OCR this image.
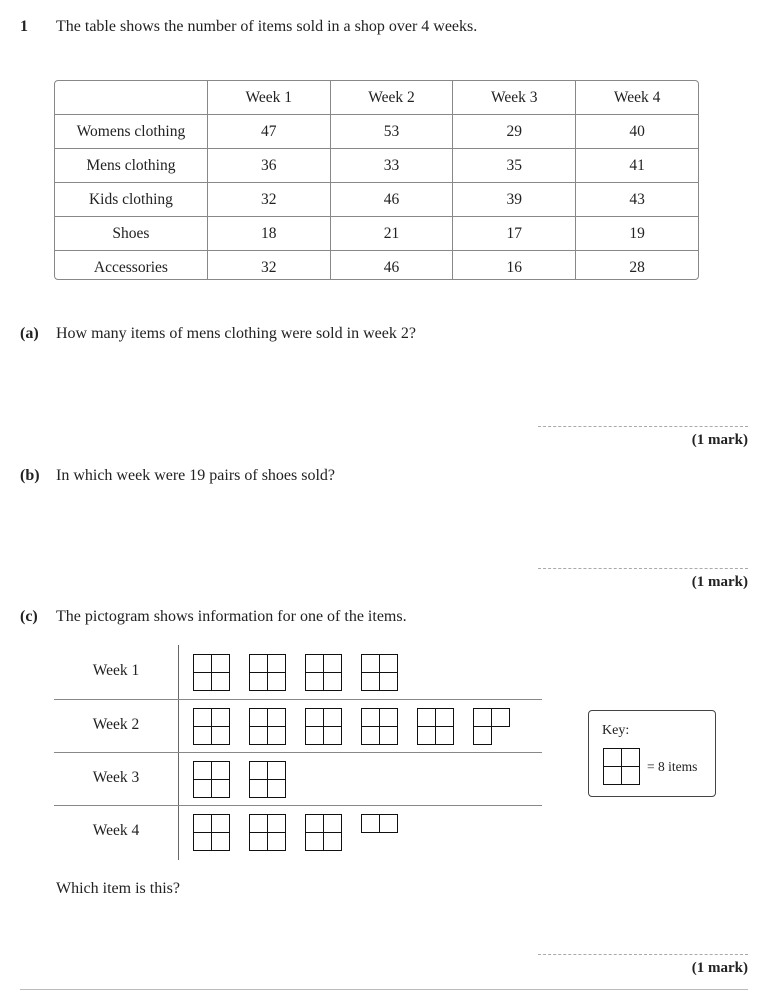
1 The table shows the number of items sold in a shop over 4 weeks.
	Week 1	Week 2	Week 3	Week 4
Womens clothing	47	53	29	40
Mens clothing	36	33	35	41
Kids clothing	32	46	39	43
Shoes	18	21	17	19
Accessories	32	46	16	28
(a) How many items of mens clothing were sold in week 2?
(1 mark)
(b) In which week were 19 pairs of shoes sold?
(1 mark)
(c) The pictogram shows information for one of the items.
Week 1
Week 2
Week 3
Week 4
Key:
= 8 items
Which item is this?
(1 mark)
